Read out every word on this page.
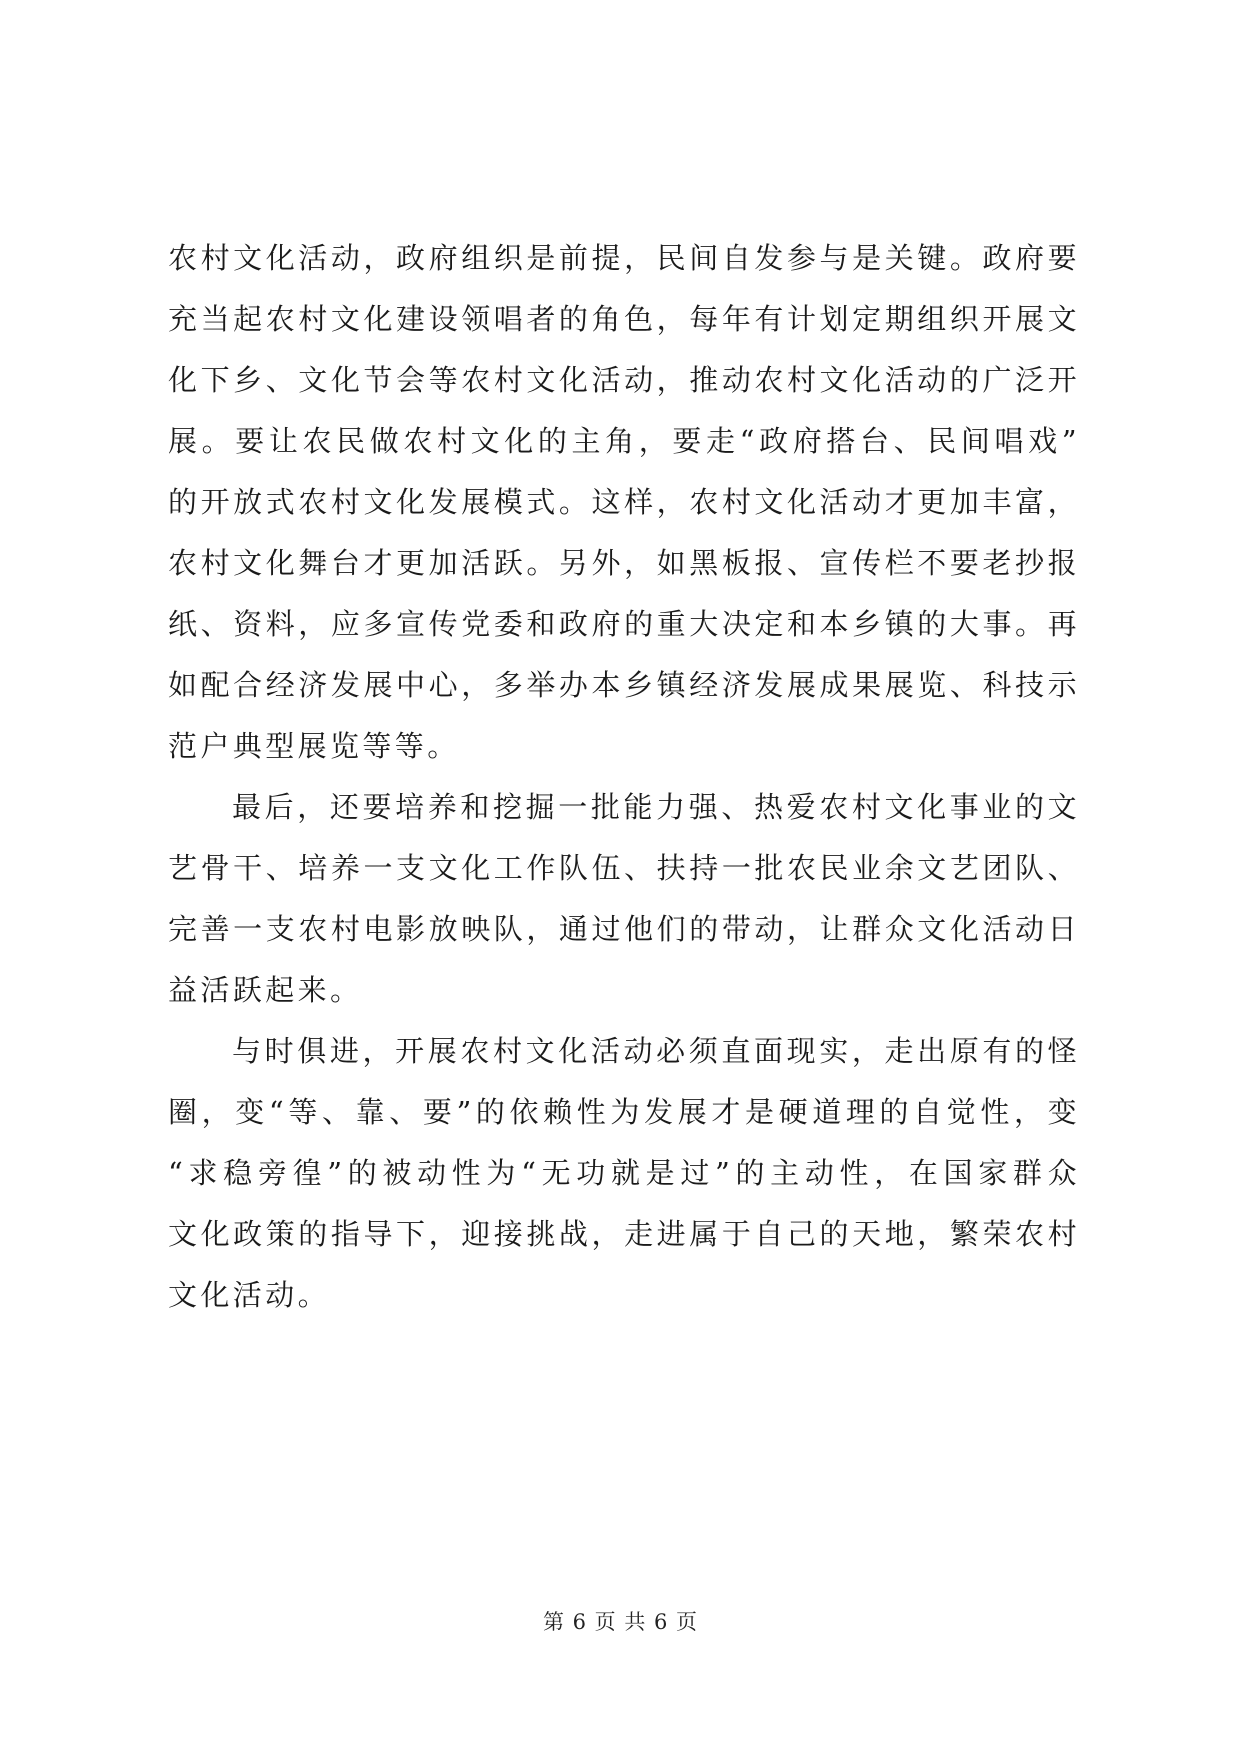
农村文化活动，政府组织是前提，民间自发参与是关键。政府要
充当起农村文化建设领唱者的角色，每年有计划定期组织开展文
化下乡、文化节会等农村文化活动，推动农村文化活动的广泛开
展。要让农民做农村文化的主角，要走“政府搭台、民间唱戏”
的开放式农村文化发展模式。这样，农村文化活动才更加丰富，
农村文化舞台才更加活跃。另外，如黑板报、宣传栏不要老抄报
纸、资料，应多宣传党委和政府的重大决定和本乡镇的大事。再
如配合经济发展中心，多举办本乡镇经济发展成果展览、科技示
范户典型展览等等。
最后，还要培养和挖掘一批能力强、热爱农村文化事业的文
艺骨干、培养一支文化工作队伍、扶持一批农民业余文艺团队、
完善一支农村电影放映队，通过他们的带动，让群众文化活动日
益活跃起来。
与时俱进，开展农村文化活动必须直面现实，走出原有的怪
圈，变“等、靠、要”的依赖性为发展才是硬道理的自觉性，变
“求稳旁徨”的被动性为“无功就是过”的主动性，在国家群众
文化政策的指导下，迎接挑战，走进属于自己的天地，繁荣农村
文化活动。
第 6 页 共 6 页
